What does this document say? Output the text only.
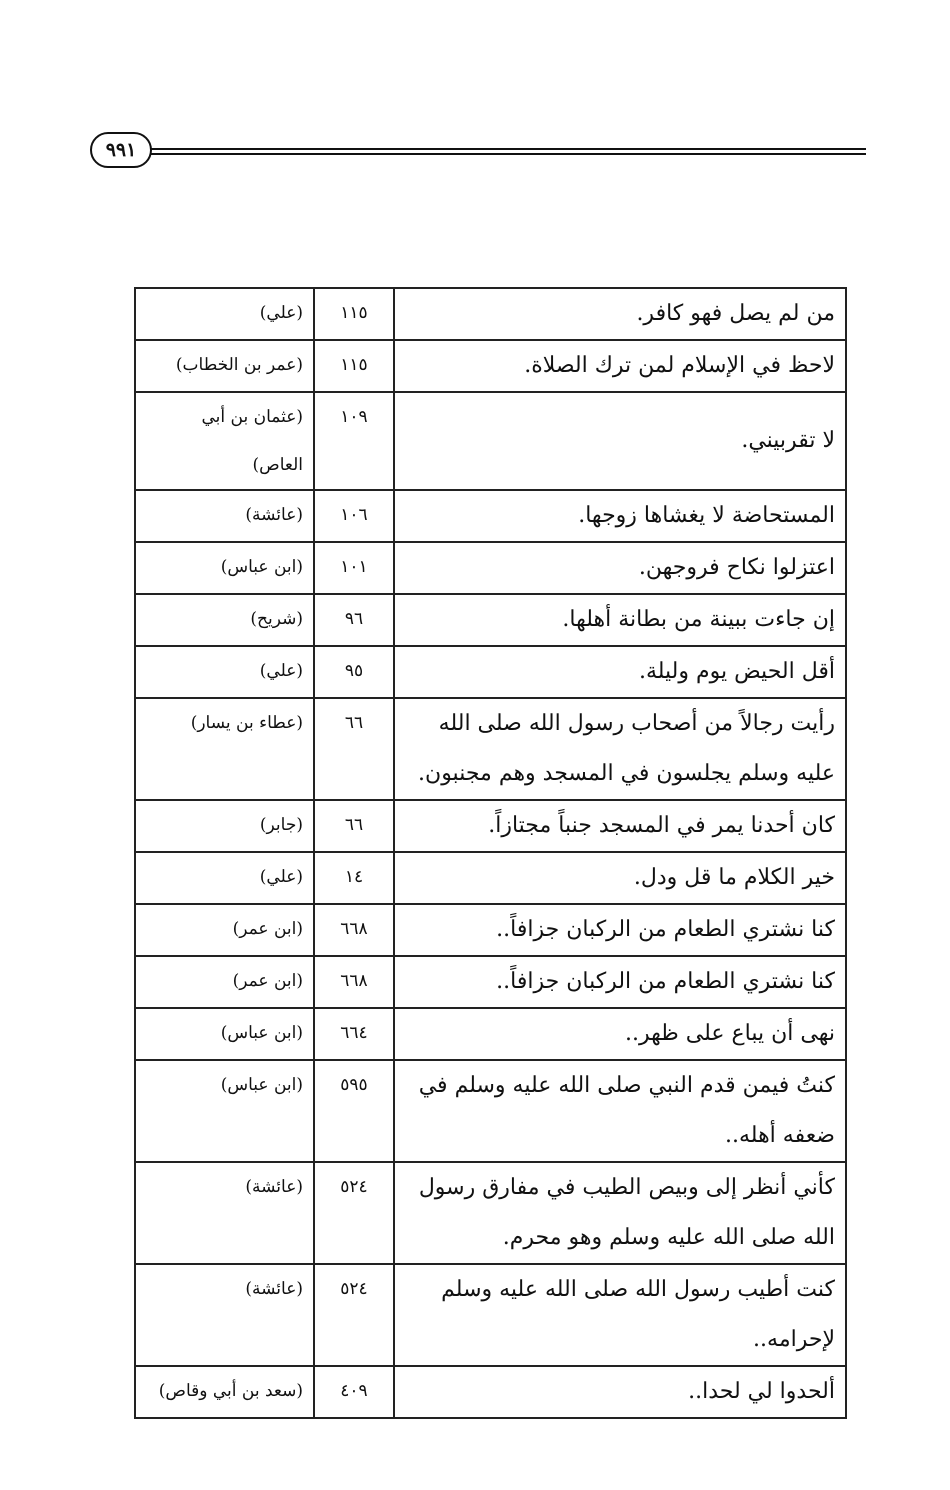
٩٩١
من لم يصل فهو كافر.	١١٥	(علي)
لاحظ في الإسلام لمن ترك الصلاة.	١١٥	(عمر بن الخطاب)
لا تقربيني.	١٠٩	(عثمان بن أبي العاص)
المستحاضة لا يغشاها زوجها.	١٠٦	(عائشة)
اعتزلوا نكاح فروجهن.	١٠١	(ابن عباس)
إن جاءت ببينة من بطانة أهلها.	٩٦	(شريح)
أقل الحيض يوم وليلة.	٩٥	(علي)
رأيت رجالاً من أصحاب رسول الله صلى الله عليه وسلم يجلسون في المسجد وهم مجنبون.	٦٦	(عطاء بن يسار)
كان أحدنا يمر في المسجد جنباً مجتازاً.	٦٦	(جابر)
خير الكلام ما قل ودل.	١٤	(علي)
كنا نشتري الطعام من الركبان جزافاً..	٦٦٨	(ابن عمر)
كنا نشتري الطعام من الركبان جزافاً..	٦٦٨	(ابن عمر)
نهى أن يباع على ظهر..	٦٦٤	(ابن عباس)
كنتُ فيمن قدم النبي صلى الله عليه وسلم في ضعفه أهله..	٥٩٥	(ابن عباس)
كأني أنظر إلى وبيص الطيب في مفارق رسول الله صلى الله عليه وسلم وهو محرم.	٥٢٤	(عائشة)
كنت أطيب رسول الله صلى الله عليه وسلم لإحرامه..	٥٢٤	(عائشة)
ألحدوا لي لحدا..	٤٠٩	(سعد بن أبي وقاص)
